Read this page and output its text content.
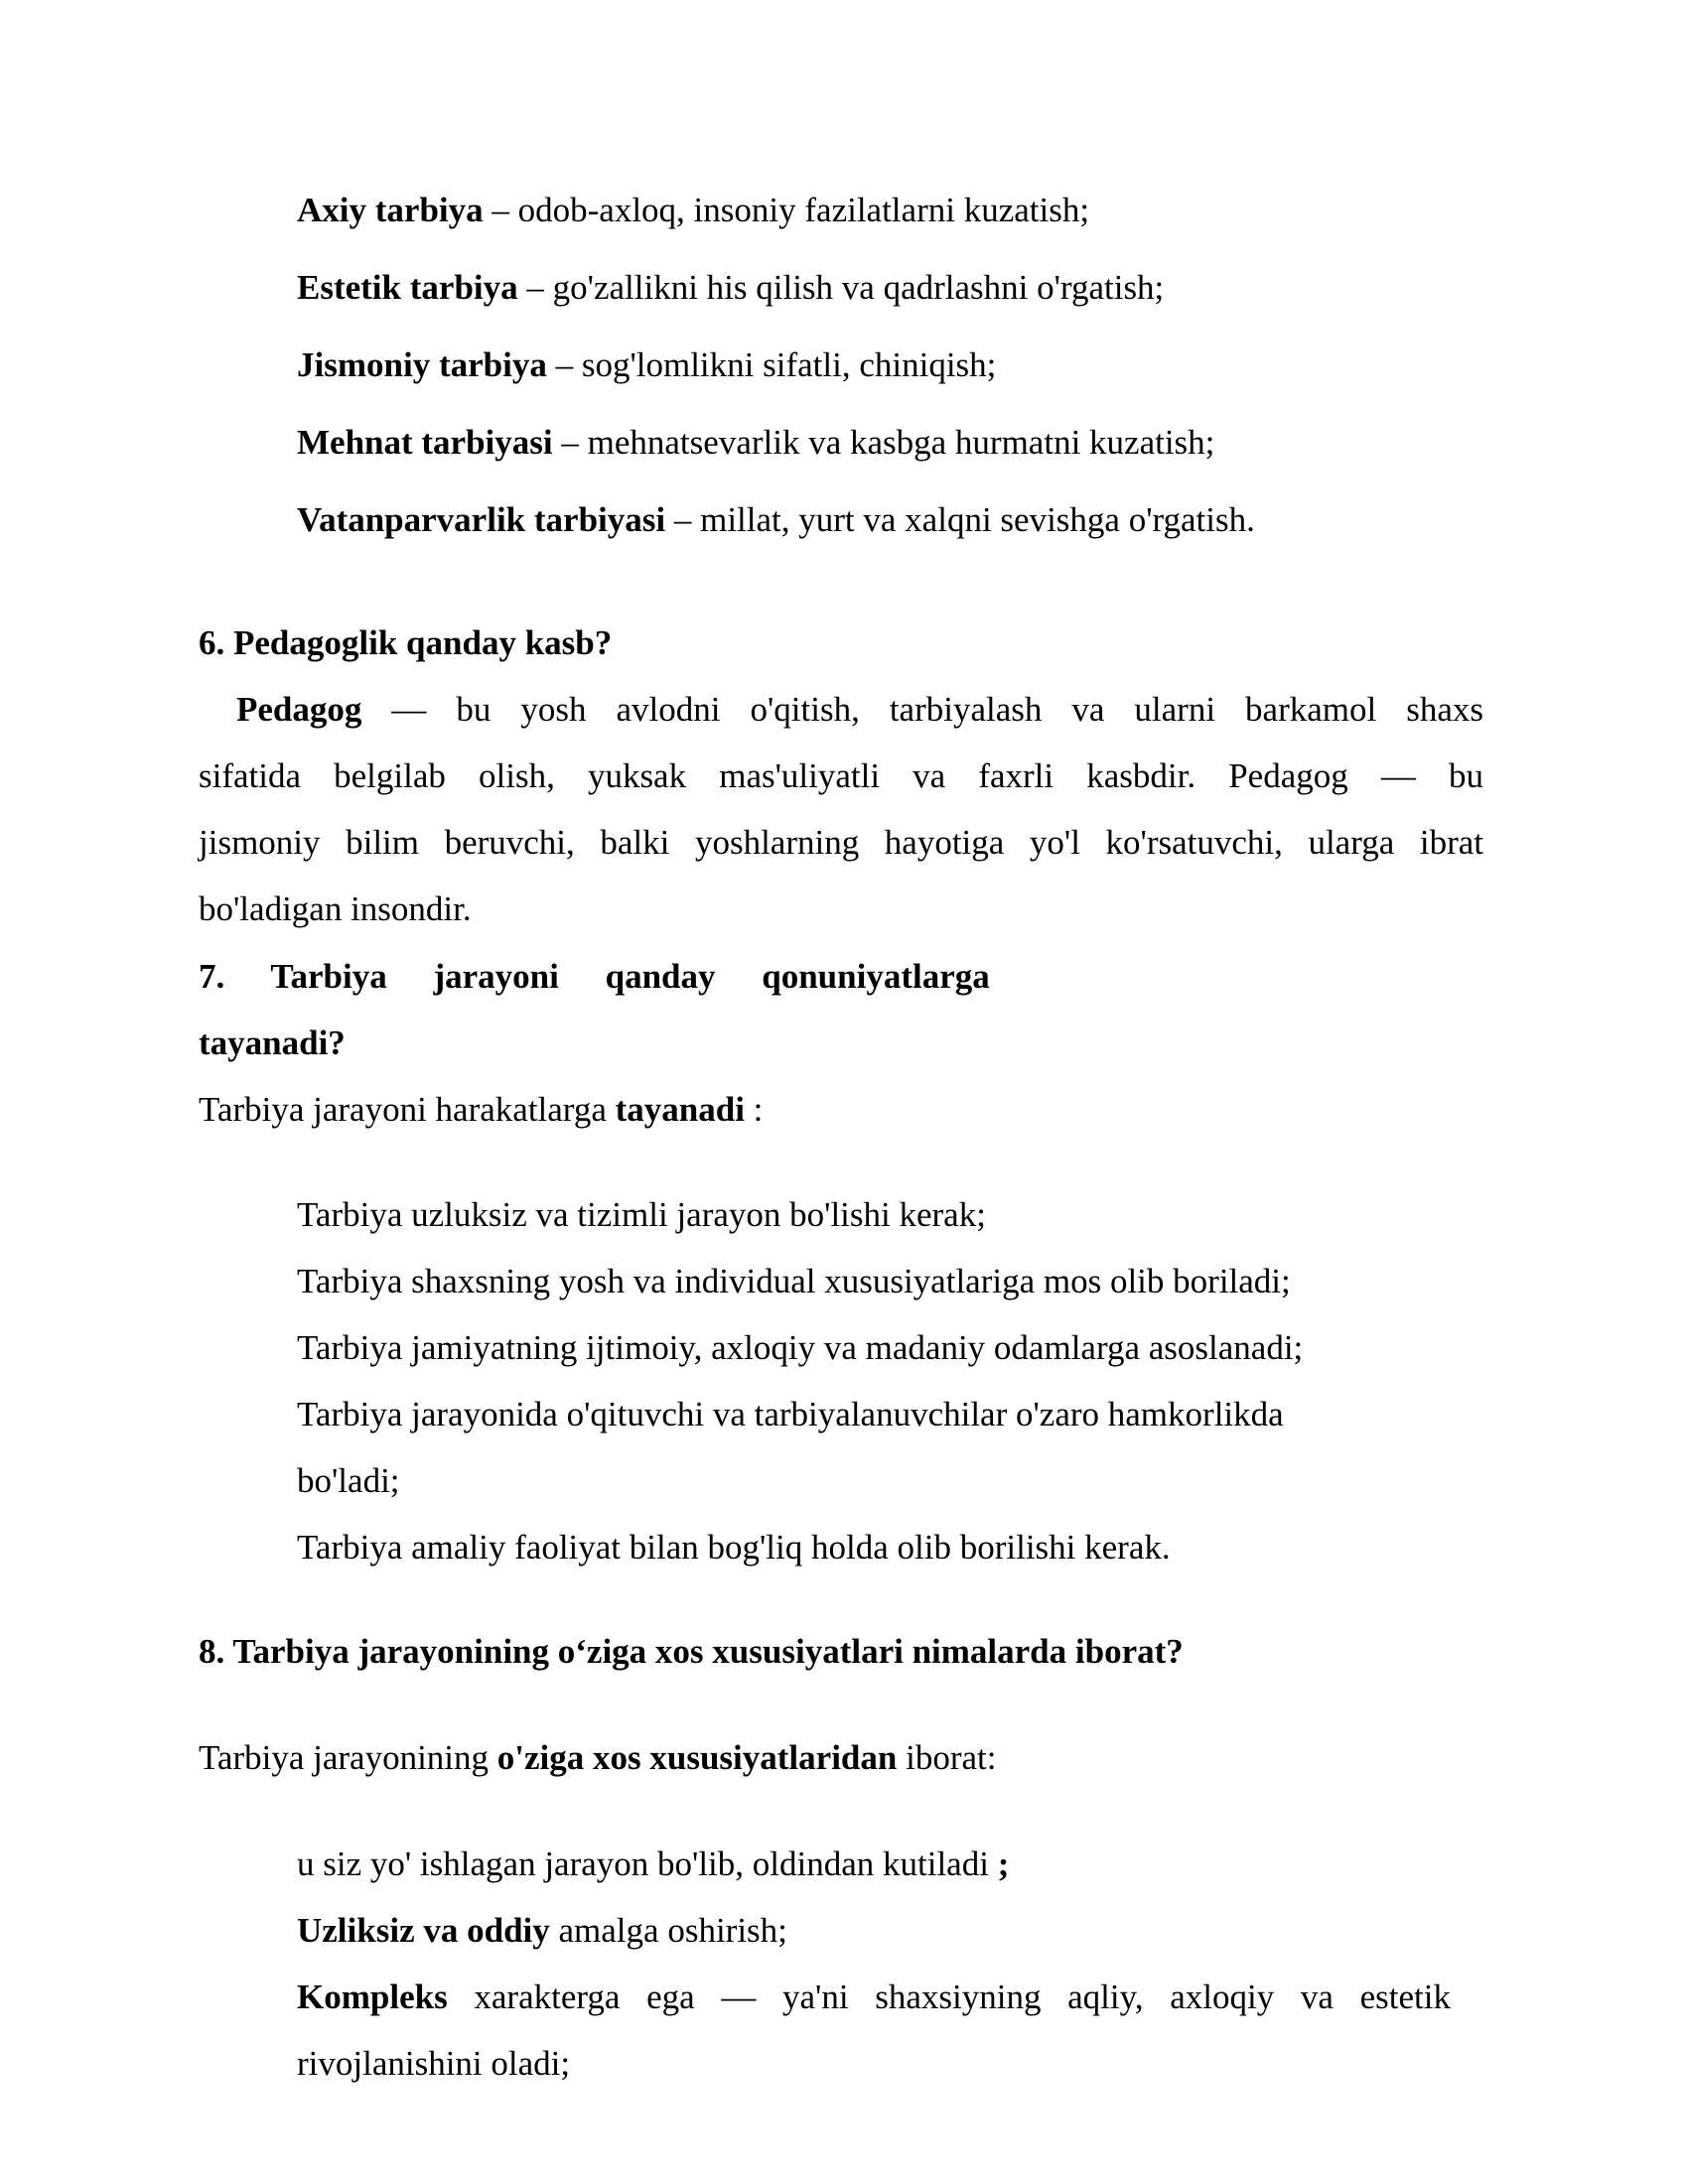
Axiy tarbiya – odob-axloq, insoniy fazilatlarni kuzatish;
Estetik tarbiya – go'zallikni his qilish va qadrlashni o'rgatish;
Jismoniy tarbiya – sog'lomlikni sifatli, chiniqish;
Mehnat tarbiyasi – mehnatsevarlik va kasbga hurmatni kuzatish;
Vatanparvarlik tarbiyasi – millat, yurt va xalqni sevishga o'rgatish.
6. Pedagoglik qanday kasb?
Pedagog — bu yosh avlodni o'qitish, tarbiyalash va ularni barkamol shaxs
sifatida belgilab olish, yuksak mas'uliyatli va faxrli kasbdir. Pedagog — bu
jismoniy bilim beruvchi, balki yoshlarning hayotiga yo'l ko'rsatuvchi, ularga ibrat
bo'ladigan insondir.
7. Tarbiya jarayoni qanday qonuniyatlarga
tayanadi?
Tarbiya jarayoni harakatlarga tayanadi :
Tarbiya uzluksiz va tizimli jarayon bo'lishi kerak;
Tarbiya shaxsning yosh va individual xususiyatlariga mos olib boriladi;
Tarbiya jamiyatning ijtimoiy, axloqiy va madaniy odamlarga asoslanadi;
Tarbiya jarayonida o'qituvchi va tarbiyalanuvchilar o'zaro hamkorlikda
bo'ladi;
Tarbiya amaliy faoliyat bilan bog'liq holda olib borilishi kerak.
8. Tarbiya jarayonining o‘ziga xos xususiyatlari nimalarda iborat?
Tarbiya jarayonining o'ziga xos xususiyatlaridan iborat:
u siz yo' ishlagan jarayon bo'lib, oldindan kutiladi ;
Uzliksiz va oddiy amalga oshirish;
Kompleks xarakterga ega — ya'ni shaxsiyning aqliy, axloqiy va estetik
rivojlanishini oladi;
